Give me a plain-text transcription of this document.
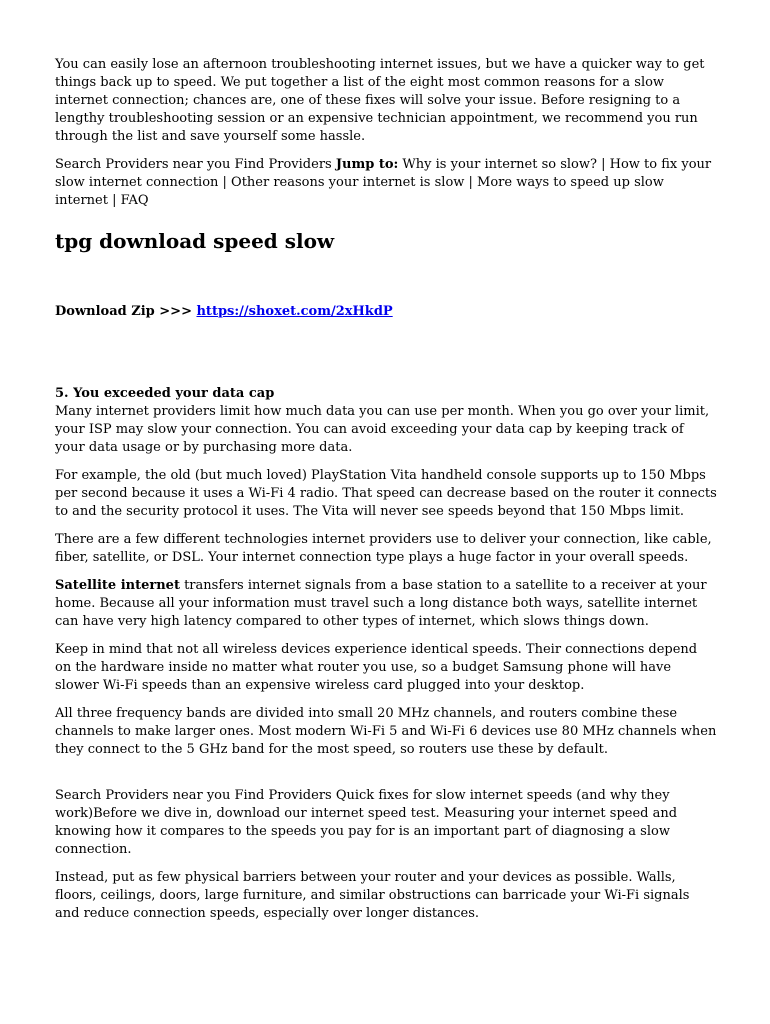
You can easily lose an afternoon troubleshooting internet issues, but we have a quicker way to get things back up to speed. We put together a list of the eight most common reasons for a slow internet connection; chances are, one of these fixes will solve your issue. Before resigning to a lengthy troubleshooting session or an expensive technician appointment, we recommend you run through the list and save yourself some hassle.

Search Providers near you Find Providers Jump to: Why is your internet so slow? | How to fix your slow internet connection | Other reasons your internet is slow | More ways to speed up slow internet | FAQ

tpg download speed slow

Download Zip >>> https://shoxet.com/2xHkdP

5. You exceeded your data cap

Many internet providers limit how much data you can use per month. When you go over your limit, your ISP may slow your connection. You can avoid exceeding your data cap by keeping track of your data usage or by purchasing more data.

For example, the old (but much loved) PlayStation Vita handheld console supports up to 150 Mbps per second because it uses a Wi-Fi 4 radio. That speed can decrease based on the router it connects to and the security protocol it uses. The Vita will never see speeds beyond that 150 Mbps limit.

There are a few different technologies internet providers use to deliver your connection, like cable, fiber, satellite, or DSL. Your internet connection type plays a huge factor in your overall speeds.

Satellite internet transfers internet signals from a base station to a satellite to a receiver at your home. Because all your information must travel such a long distance both ways, satellite internet can have very high latency compared to other types of internet, which slows things down.

Keep in mind that not all wireless devices experience identical speeds. Their connections depend on the hardware inside no matter what router you use, so a budget Samsung phone will have slower Wi-Fi speeds than an expensive wireless card plugged into your desktop.

All three frequency bands are divided into small 20 MHz channels, and routers combine these channels to make larger ones. Most modern Wi-Fi 5 and Wi-Fi 6 devices use 80 MHz channels when they connect to the 5 GHz band for the most speed, so routers use these by default.

Search Providers near you Find Providers Quick fixes for slow internet speeds (and why they work)Before we dive in, download our internet speed test. Measuring your internet speed and knowing how it compares to the speeds you pay for is an important part of diagnosing a slow connection.

Instead, put as few physical barriers between your router and your devices as possible. Walls, floors, ceilings, doors, large furniture, and similar obstructions can barricade your Wi-Fi signals and reduce connection speeds, especially over longer distances.
